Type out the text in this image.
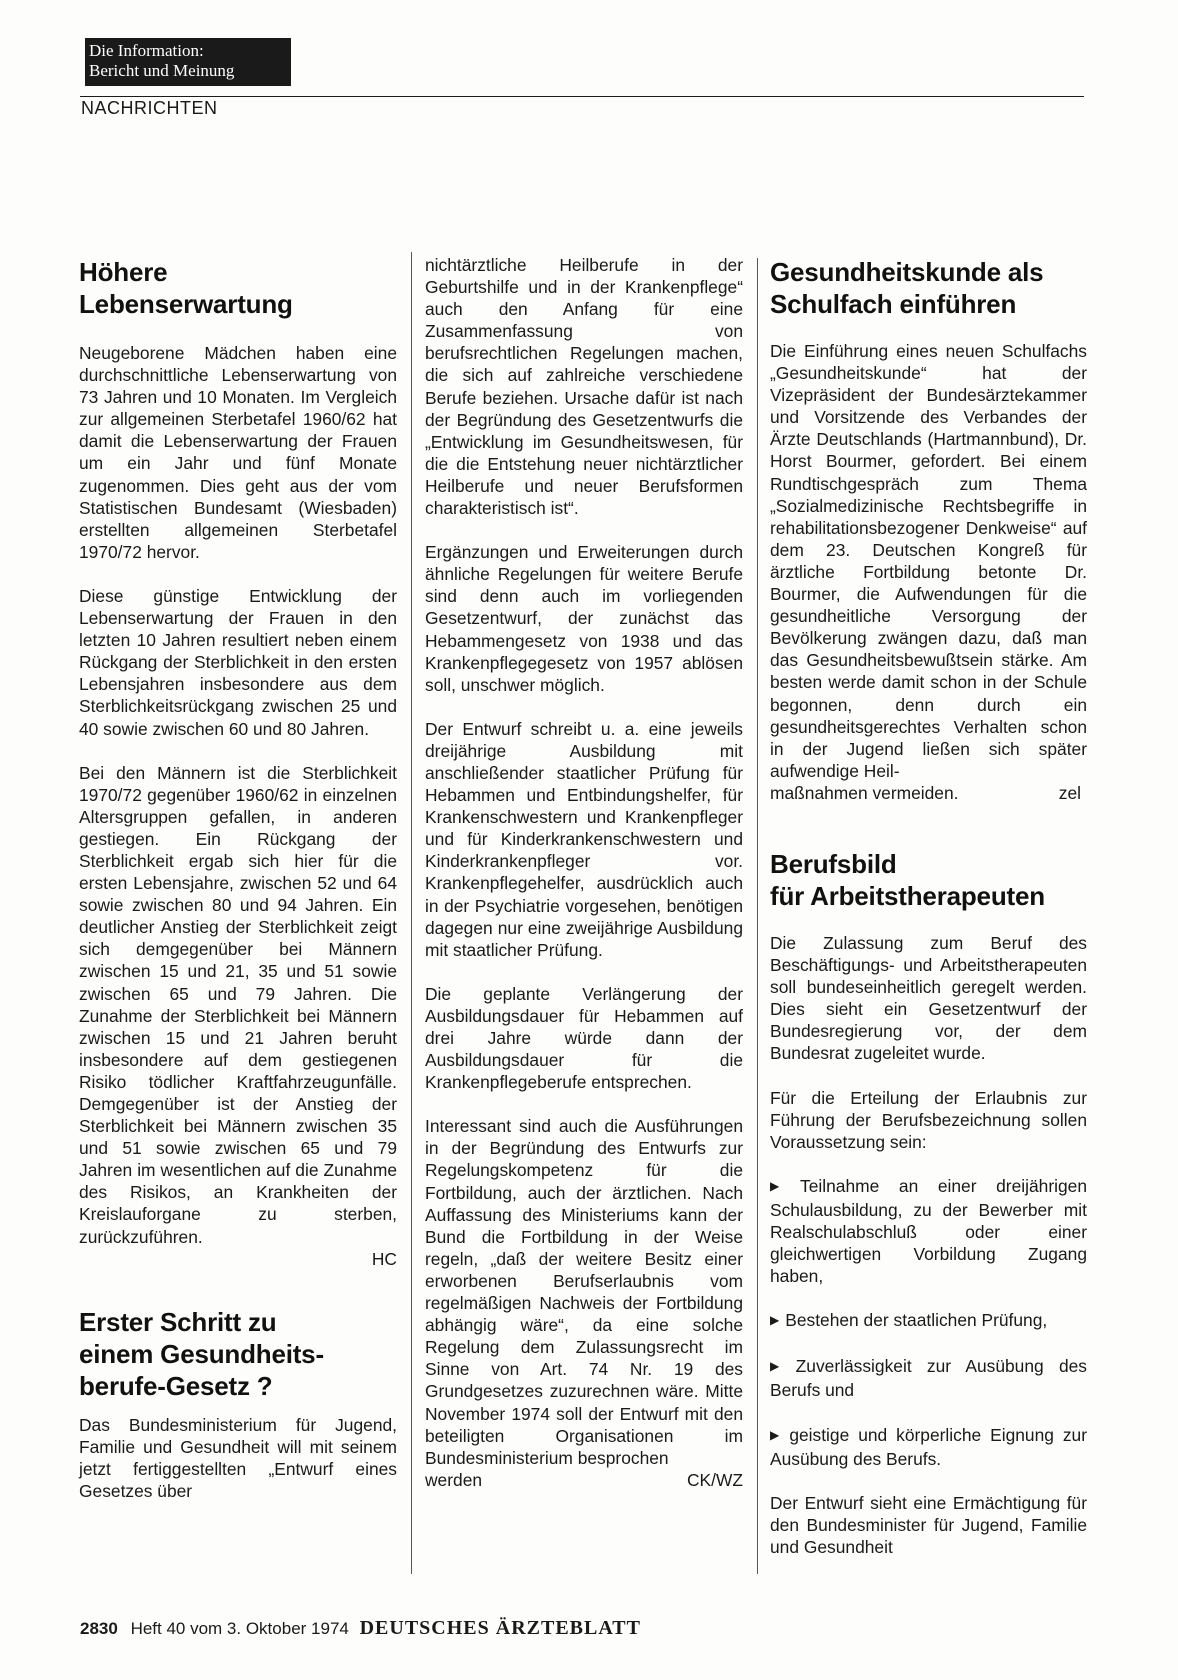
Die Information:
Bericht und Meinung
NACHRICHTEN
Höhere
Lebenserwartung

Neugeborene Mädchen haben eine durchschnittliche Lebenserwartung von 73 Jahren und 10 Monaten. Im Vergleich zur allgemeinen Sterbetafel 1960/62 hat damit die Lebenserwartung der Frauen um ein Jahr und fünf Monate zugenommen. Dies geht aus der vom Statistischen Bundesamt (Wiesbaden) erstellten allgemeinen Sterbetafel 1970/72 hervor.

Diese günstige Entwicklung der Lebenserwartung der Frauen in den letzten 10 Jahren resultiert neben einem Rückgang der Sterblichkeit in den ersten Lebensjahren insbesondere aus dem Sterblichkeitsrückgang zwischen 25 und 40 sowie zwischen 60 und 80 Jahren.

Bei den Männern ist die Sterblichkeit 1970/72 gegenüber 1960/62 in einzelnen Altersgruppen gefallen, in anderen gestiegen. Ein Rückgang der Sterblichkeit ergab sich hier für die ersten Lebensjahre, zwischen 52 und 64 sowie zwischen 80 und 94 Jahren. Ein deutlicher Anstieg der Sterblichkeit zeigt sich demgegenüber bei Männern zwischen 15 und 21, 35 und 51 sowie zwischen 65 und 79 Jahren. Die Zunahme der Sterblichkeit bei Männern zwischen 15 und 21 Jahren beruht insbesondere auf dem gestiegenen Risiko tödlicher Kraftfahrzeugunfälle. Demgegenüber ist der Anstieg der Sterblichkeit bei Männern zwischen 35 und 51 sowie zwischen 65 und 79 Jahren im wesentlichen auf die Zunahme des Risikos, an Krankheiten der Kreislauforgane zu sterben, zurückzuführen.

HC
Erster Schritt zu
einem Gesundheits-
berufe-Gesetz ?

Das Bundesministerium für Jugend, Familie und Gesundheit will mit seinem jetzt fertiggestellten „Entwurf eines Gesetzes über

nichtärztliche Heilberufe in der Geburtshilfe und in der Krankenpflege“ auch den Anfang für eine Zusammenfassung von berufsrechtlichen Regelungen machen, die sich auf zahlreiche verschiedene Berufe beziehen. Ursache dafür ist nach der Begründung des Gesetzentwurfs die „Entwicklung im Gesundheitswesen, für die die Entstehung neuer nichtärztlicher Heilberufe und neuer Berufsformen charakteristisch ist“.

Ergänzungen und Erweiterungen durch ähnliche Regelungen für weitere Berufe sind denn auch im vorliegenden Gesetzentwurf, der zunächst das Hebammengesetz von 1938 und das Krankenpflegegesetz von 1957 ablösen soll, unschwer möglich.

Der Entwurf schreibt u. a. eine jeweils dreijährige Ausbildung mit anschließender staatlicher Prüfung für Hebammen und Entbindungshelfer, für Krankenschwestern und Krankenpfleger und für Kinderkrankenschwestern und Kinderkrankenpfleger vor. Krankenpflegehelfer, ausdrücklich auch in der Psychiatrie vorgesehen, benötigen dagegen nur eine zweijährige Ausbildung mit staatlicher Prüfung.

Die geplante Verlängerung der Ausbildungsdauer für Hebammen auf drei Jahre würde dann der Ausbildungsdauer für die Krankenpflegeberufe entsprechen.

Interessant sind auch die Ausführungen in der Begründung des Entwurfs zur Regelungskompetenz für die Fortbildung, auch der ärztlichen. Nach Auffassung des Ministeriums kann der Bund die Fortbildung in der Weise regeln, „daß der weitere Besitz einer erworbenen Berufserlaubnis vom regelmäßigen Nachweis der Fortbildung abhängig wäre“, da eine solche Regelung dem Zulassungsrecht im Sinne von Art. 74 Nr. 19 des Grundgesetzes zuzurechnen wäre. Mitte November 1974 soll der Entwurf mit den beteiligten Organisationen im Bundesministerium besprochen

werden	CK/WZ
Gesundheitskunde als
Schulfach einführen

Die Einführung eines neuen Schulfachs „Gesundheitskunde“ hat der Vizepräsident der Bundesärztekammer und Vorsitzende des Verbandes der Ärzte Deutschlands (Hartmannbund), Dr. Horst Bourmer, gefordert. Bei einem Rundtischgespräch zum Thema „Sozialmedizinische Rechtsbegriffe in rehabilitationsbezogener Denkweise“ auf dem 23. Deutschen Kongreß für ärztliche Fortbildung betonte Dr. Bourmer, die Aufwendungen für die gesundheitliche Versorgung der Bevölkerung zwängen dazu, daß man das Gesundheitsbewußtsein stärke. Am besten werde damit schon in der Schule begonnen, denn durch ein gesundheitsgerechtes Verhalten schon in der Jugend ließen sich später aufwendige Heil-

maßnahmen vermeiden.	zel
Berufsbild
für Arbeitstherapeuten

Die Zulassung zum Beruf des Beschäftigungs- und Arbeitstherapeuten soll bundeseinheitlich geregelt werden. Dies sieht ein Gesetzentwurf der Bundesregierung vor, der dem Bundesrat zugeleitet wurde.

Für die Erteilung der Erlaubnis zur Führung der Berufsbezeichnung sollen Voraussetzung sein:

▶ Teilnahme an einer dreijährigen Schulausbildung, zu der Bewerber mit Realschulabschluß oder einer gleichwertigen Vorbildung Zugang haben,

▶ Bestehen der staatlichen Prüfung,

▶ Zuverlässigkeit zur Ausübung des Berufs und

▶ geistige und körperliche Eignung zur Ausübung des Berufs.

Der Entwurf sieht eine Ermächtigung für den Bundesminister für Jugend, Familie und Gesundheit

2830 Heft 40 vom 3. Oktober 1974 DEUTSCHES ÄRZTEBLATT
